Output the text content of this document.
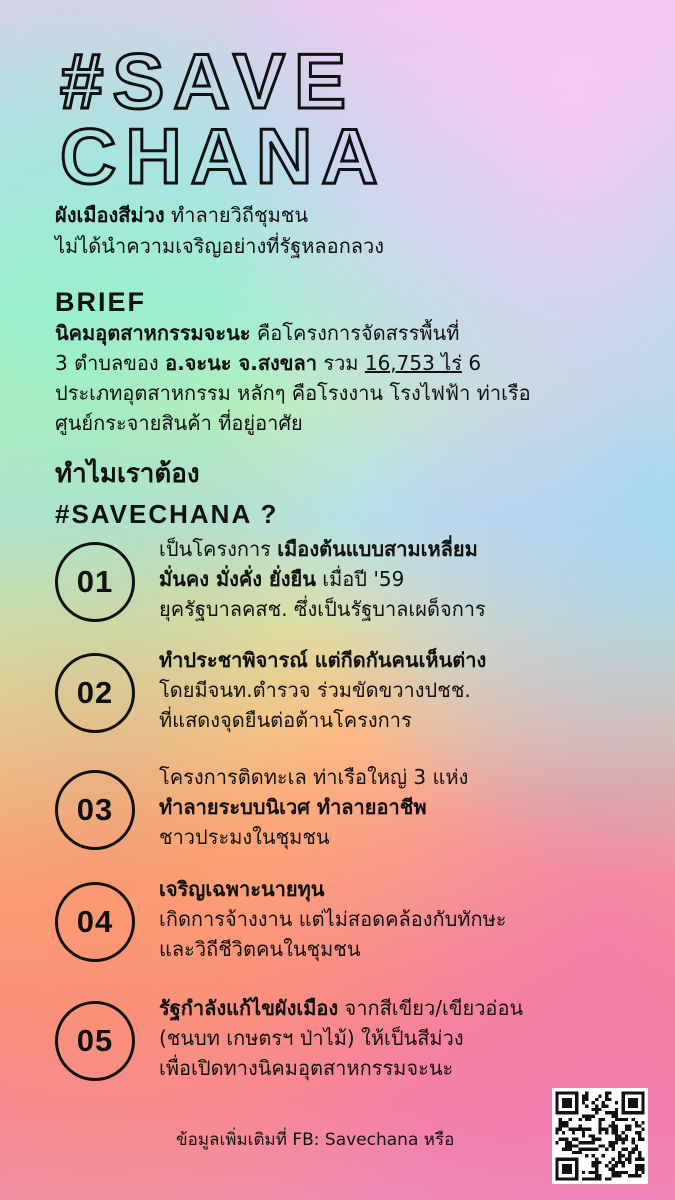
#SAVE
CHANA
ผังเมืองสีม่วง ทำลายวิถีชุมชน
ไม่ได้นำความเจริญอย่างที่รัฐหลอกลวง
BRIEF
นิคมอุตสาหกรรมจะนะ คือโครงการจัดสรรพื้นที่
3 ตำบลของ อ.จะนะ จ.สงขลา รวม 16,753 ไร่ 6
ประเภทอุตสาหกรรม หลักๆ คือโรงงาน โรงไฟฟ้า ท่าเรือ
ศูนย์กระจายสินค้า ที่อยู่อาศัย
ทำไมเราต้อง
#SAVECHANA ?
01
เป็นโครงการ เมืองต้นแบบสามเหลี่ยม
มั่นคง มั่งคั่ง ยั่งยืน เมื่อปี '59
ยุครัฐบาลคสช. ซึ่งเป็นรัฐบาลเผด็จการ
02
ทำประชาพิจารณ์ แต่กีดกันคนเห็นต่าง
โดยมีจนท.ตำรวจ ร่วมขัดขวางปชช.
ที่แสดงจุดยืนต่อต้านโครงการ
03
โครงการติดทะเล ท่าเรือใหญ่ 3 แห่ง
ทำลายระบบนิเวศ ทำลายอาชีพ
ชาวประมงในชุมชน
04
เจริญเฉพาะนายทุน
เกิดการจ้างงาน แต่ไม่สอดคล้องกับทักษะ
และวิถีชีวิตคนในชุมชน
05
รัฐกำลังแก้ไขผังเมือง จากสีเขียว/เขียวอ่อน
(ชนบท เกษตรฯ ป่าไม้) ให้เป็นสีม่วง
เพื่อเปิดทางนิคมอุตสาหกรรมจะนะ
ข้อมูลเพิ่มเติมที่ FB: Savechana หรือ
